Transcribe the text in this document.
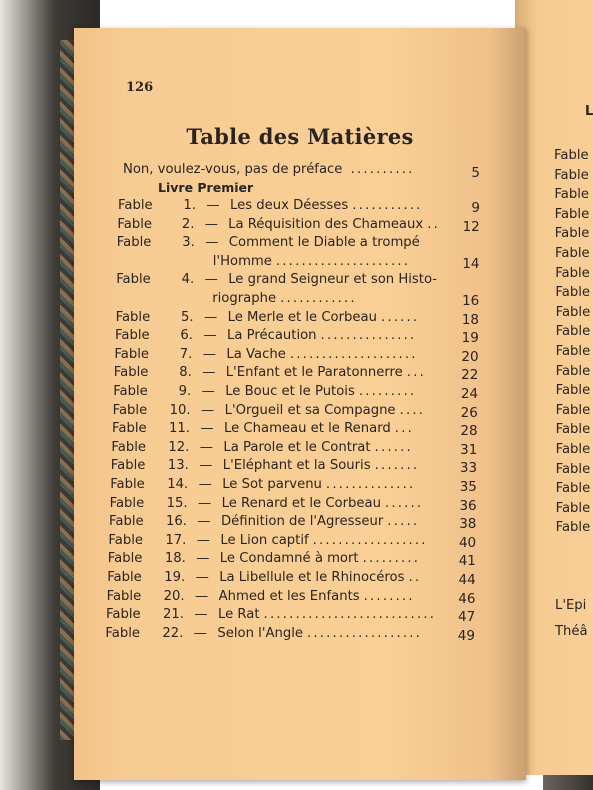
126
Table des Matières
Non, voulez-vous, pas de préface ..........	5
Livre Premier
Fable	1. — Les deux Déesses ...........	9
Fable	2. — La Réquisition des Chameaux ..	12
Fable	3. — Comment le Diable a trompé
l'Homme .....................	14
Fable	4. — Le grand Seigneur et son Histo-
riographe ............	16
Fable	5. — Le Merle et le Corbeau ......	18
Fable	6. — La Précaution ...............	19
Fable	7. — La Vache ....................	20
Fable	8. — L'Enfant et le Paratonnerre ...	22
Fable	9. — Le Bouc et le Putois .........	24
Fable	10. — L'Orgueil et sa Compagne ....	26
Fable	11. — Le Chameau et le Renard ...	28
Fable	12. — La Parole et le Contrat ......	31
Fable	13. — L'Eléphant et la Souris .......	33
Fable	14. — Le Sot parvenu ..............	35
Fable	15. — Le Renard et le Corbeau ......	36
Fable	16. — Définition de l'Agresseur .....	38
Fable	17. — Le Lion captif ..................	40
Fable	18. — Le Condamné à mort .........	41
Fable	19. — La Libellule et le Rhinocéros ..	44
Fable	20. — Ahmed et les Enfants ........	46
Fable	21. — Le Rat ...........................	47
Fable	22. — Selon l'Angle ..................	49
L
Fable
Fable
Fable
Fable
Fable
Fable
Fable
Fable
Fable
Fable
Fable
Fable
Fable
Fable
Fable
Fable
Fable
Fable
Fable
Fable
L'Epi
Théâ
